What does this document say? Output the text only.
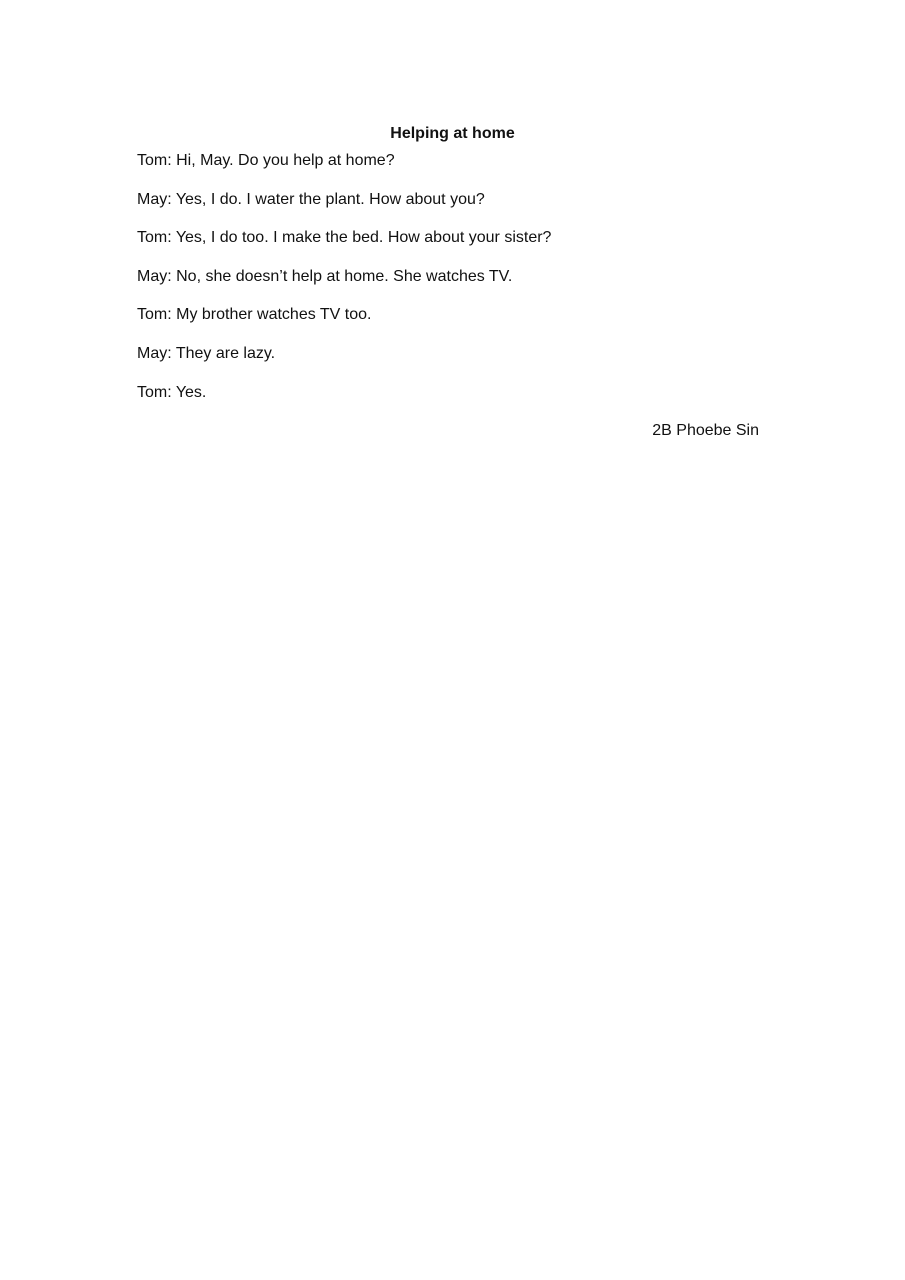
Helping at home
Tom: Hi, May. Do you help at home?
May: Yes, I do. I water the plant. How about you?
Tom: Yes, I do too. I make the bed. How about your sister?
May: No, she doesn’t help at home. She watches TV.
Tom: My brother watches TV too.
May: They are lazy.
Tom: Yes.

2B Phoebe Sin
